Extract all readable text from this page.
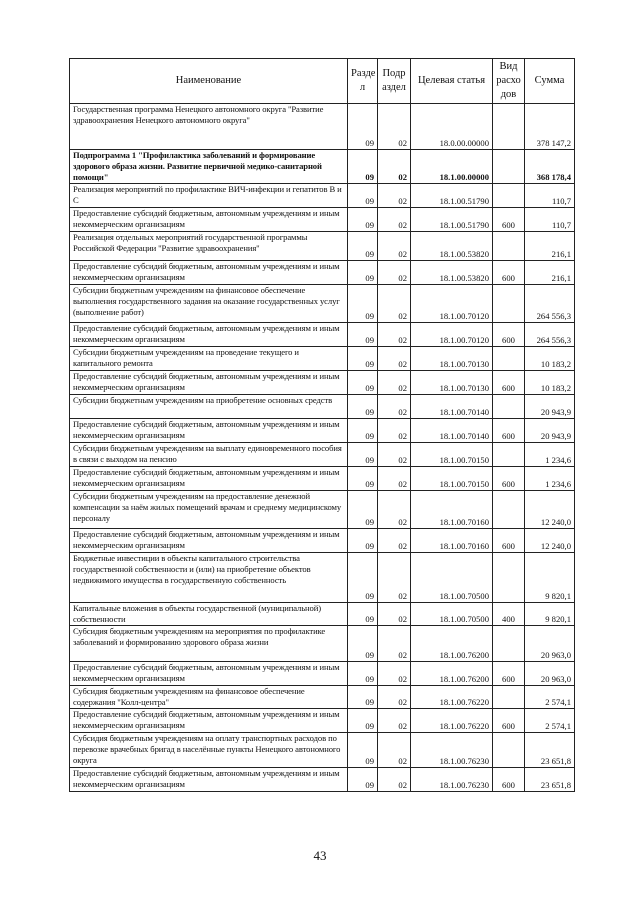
Наименование	Разде л	Подр аздел	Целевая статья	Вид расхо дов	Сумма
Государственная программа Ненецкого автономного округа "Развитие здравоохранения Ненецкого автономного округа"	09	02	18.0.00.00000		378 147,2
Подпрограмма 1 "Профилактика заболеваний и формирование здорового образа жизни. Развитие первичной медико-санитарной помощи"	09	02	18.1.00.00000		368 178,4
Реализация мероприятий по профилактике ВИЧ-инфекции и гепатитов В и С	09	02	18.1.00.51790		110,7
Предоставление субсидий бюджетным, автономным учреждениям и иным некоммерческим организациям	09	02	18.1.00.51790	600	110,7
Реализация отдельных мероприятий государственной программы Российской Федерации "Развитие здравоохранения"	09	02	18.1.00.53820		216,1
Предоставление субсидий бюджетным, автономным учреждениям и иным некоммерческим организациям	09	02	18.1.00.53820	600	216,1
Субсидии бюджетным учреждениям на финансовое обеспечение выполнения государственного задания на оказание государственных услуг (выполнение работ)	09	02	18.1.00.70120		264 556,3
Предоставление субсидий бюджетным, автономным учреждениям и иным некоммерческим организациям	09	02	18.1.00.70120	600	264 556,3
Субсидии бюджетным учреждениям на проведение текущего и капитального ремонта	09	02	18.1.00.70130		10 183,2
Предоставление субсидий бюджетным, автономным учреждениям и иным некоммерческим организациям	09	02	18.1.00.70130	600	10 183,2
Субсидии бюджетным учреждениям на приобретение основных средств	09	02	18.1.00.70140		20 943,9
Предоставление субсидий бюджетным, автономным учреждениям и иным некоммерческим организациям	09	02	18.1.00.70140	600	20 943,9
Субсидии бюджетным учреждениям на выплату единовременного пособия в связи с выходом на пенсию	09	02	18.1.00.70150		1 234,6
Предоставление субсидий бюджетным, автономным учреждениям и иным некоммерческим организациям	09	02	18.1.00.70150	600	1 234,6
Субсидии бюджетным учреждениям на предоставление денежной компенсации за наём жилых помещений врачам и среднему медицинскому персоналу	09	02	18.1.00.70160		12 240,0
Предоставление субсидий бюджетным, автономным учреждениям и иным некоммерческим организациям	09	02	18.1.00.70160	600	12 240,0
Бюджетные инвестиции в объекты капитального строительства государственной собственности и (или) на приобретение объектов недвижимого имущества в государственную собственность	09	02	18.1.00.70500		9 820,1
Капитальные вложения в объекты государственной (муниципальной) собственности	09	02	18.1.00.70500	400	9 820,1
Субсидия бюджетным учреждениям на мероприятия по профилактике заболеваний и формированию здорового образа жизни	09	02	18.1.00.76200		20 963,0
Предоставление субсидий бюджетным, автономным учреждениям и иным некоммерческим организациям	09	02	18.1.00.76200	600	20 963,0
Субсидия бюджетным учреждениям на финансовое обеспечение содержания "Колл-центра"	09	02	18.1.00.76220		2 574,1
Предоставление субсидий бюджетным, автономным учреждениям и иным некоммерческим организациям	09	02	18.1.00.76220	600	2 574,1
Субсидия бюджетным учреждениям на оплату транспортных расходов по перевозке врачебных бригад в населённые пункты Ненецкого автономного округа	09	02	18.1.00.76230		23 651,8
Предоставление субсидий бюджетным, автономным учреждениям и иным некоммерческим организациям	09	02	18.1.00.76230	600	23 651,8
43
